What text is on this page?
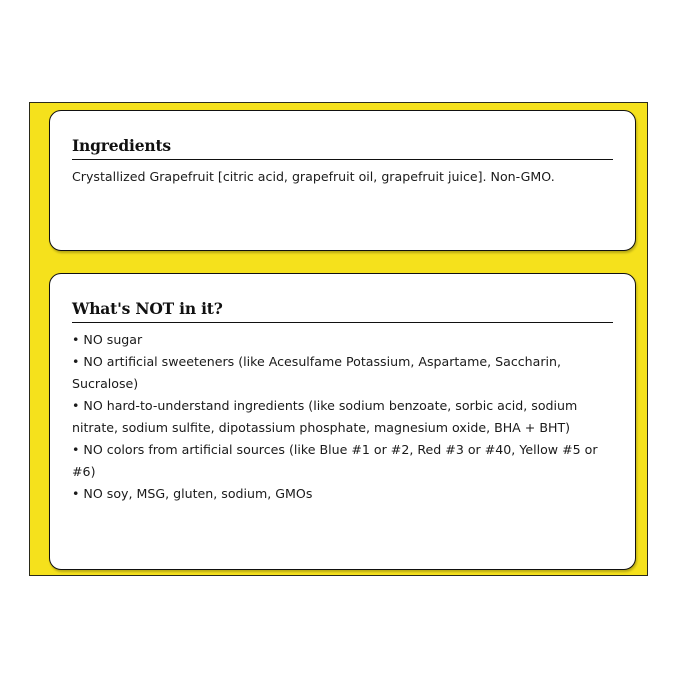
Ingredients
Crystallized Grapefruit [citric acid, grapefruit oil, grapefruit juice]. Non-GMO.
What's NOT in it?
• NO sugar
• NO artificial sweeteners (like Acesulfame Potassium, Aspartame, Saccharin, Sucralose)
• NO hard-to-understand ingredients (like sodium benzoate, sorbic acid, sodium nitrate, sodium sulfite, dipotassium phosphate, magnesium oxide, BHA + BHT)
• NO colors from artificial sources (like Blue #1 or #2, Red #3 or #40, Yellow #5 or #6)
• NO soy, MSG, gluten, sodium, GMOs
